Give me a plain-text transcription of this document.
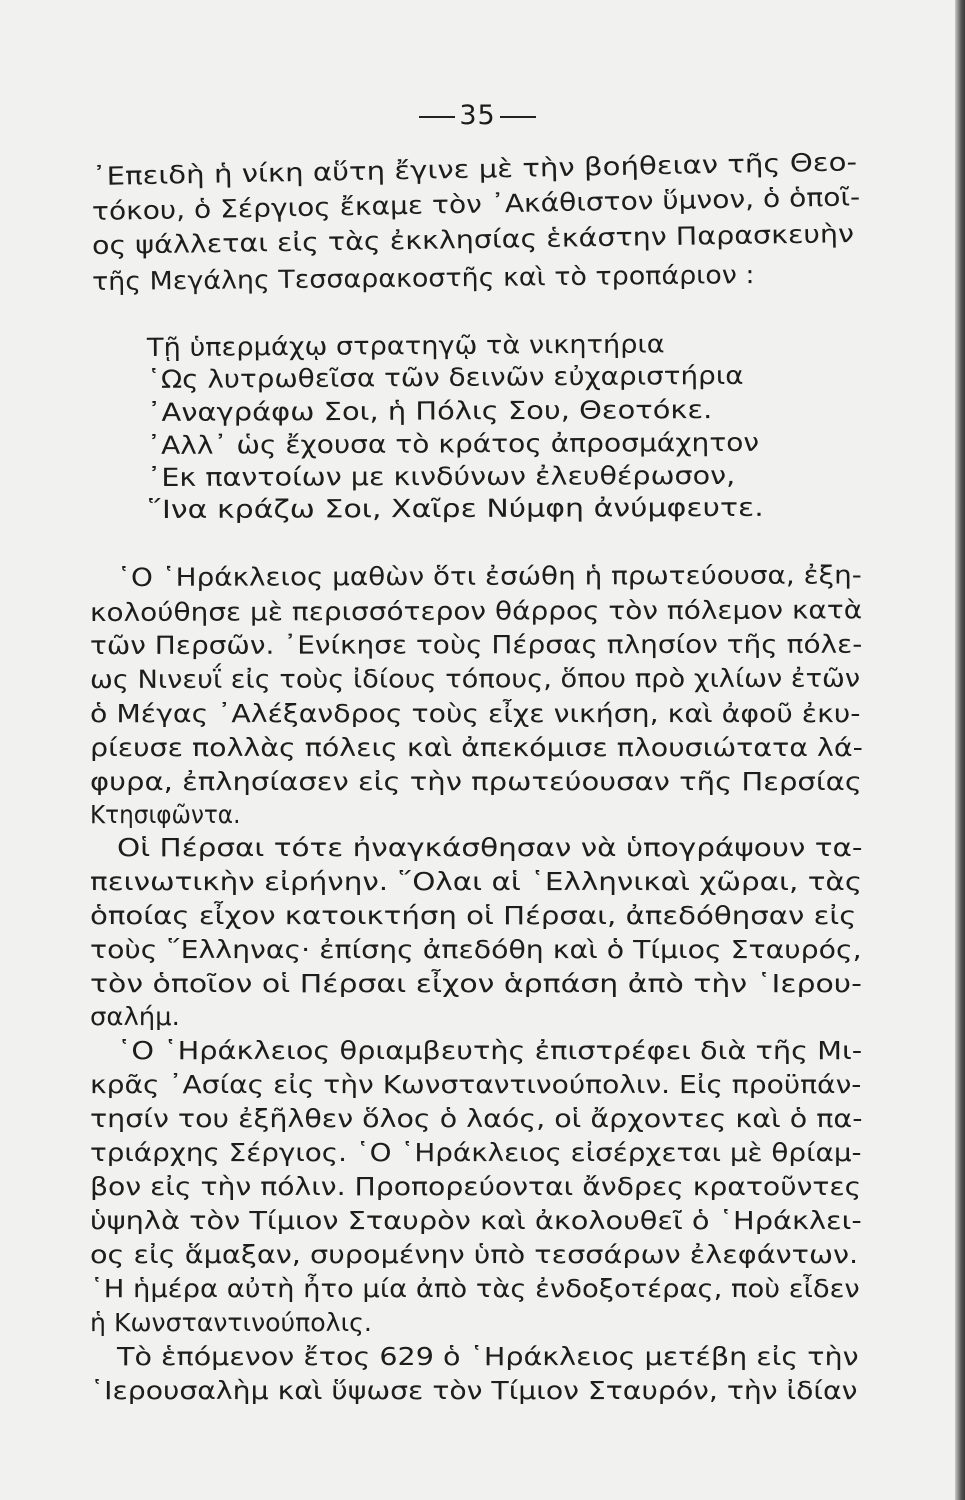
35
᾿Επειδὴ ἡ νίκη αὕτη ἔγινε μὲ τὴν βοήθειαν τῆς Θεο-
τόκου, ὁ Σέργιος ἔκαμε τὸν ᾿Ακάθιστον ὕμνον, ὁ ὁποῖ-
ος ψάλλεται εἰς τὰς ἐκκλησίας ἑκάστην Παρασκευὴν
τῆς Μεγάλης Τεσσαρακοστῆς καὶ τὸ τροπάριον :
Τῇ ὑπερμάχῳ στρατηγῷ τὰ νικητήρια
῾Ως λυτρωθεῖσα τῶν δεινῶν εὐχαριστήρια
᾿Αναγράφω Σοι, ἡ Πόλις Σου, Θεοτόκε.
᾿Αλλ᾿ ὡς ἔχουσα τὸ κράτος ἀπροσμάχητον
᾿Εκ παντοίων με κινδύνων ἐλευθέρωσον,
῞Ινα κράζω Σοι, Χαῖρε Νύμφη ἀνύμφευτε.
῾Ο ῾Ηράκλειος μαθὼν ὅτι ἐσώθη ἡ πρωτεύουσα, ἐξη-
κολούθησε μὲ περισσότερον θάρρος τὸν πόλεμον κατὰ
τῶν Περσῶν. ᾿Ενίκησε τοὺς Πέρσας πλησίον τῆς πόλε-
ως Νινευΐ εἰς τοὺς ἰδίους τόπους, ὅπου πρὸ χιλίων ἐτῶν
ὁ Μέγας ᾿Αλέξανδρος τοὺς εἶχε νικήση, καὶ ἀφοῦ ἐκυ-
ρίευσε πολλὰς πόλεις καὶ ἀπεκόμισε πλουσιώτατα λά-
φυρα, ἐπλησίασεν εἰς τὴν πρωτεύουσαν τῆς Περσίας
Κτησιφῶντα.
Οἱ Πέρσαι τότε ἠναγκάσθησαν νὰ ὑπογράψουν τα-
πεινωτικὴν εἰρήνην. ῞Ολαι αἱ ῾Ελληνικαὶ χῶραι, τὰς
ὁποίας εἶχον κατοικτήση οἱ Πέρσαι, ἀπεδόθησαν εἰς
τοὺς ῞Ελληνας· ἐπίσης ἀπεδόθη καὶ ὁ Τίμιος Σταυρός,
τὸν ὁποῖον οἱ Πέρσαι εἶχον ἁρπάση ἀπὸ τὴν ῾Ιερου-
σαλήμ.
῾Ο ῾Ηράκλειος θριαμβευτὴς ἐπιστρέφει διὰ τῆς Μι-
κρᾶς ᾿Ασίας εἰς τὴν Κωνσταντινούπολιν. Εἰς προϋπάν-
τησίν του ἐξῆλθεν ὅλος ὁ λαός, οἱ ἄρχοντες καὶ ὁ πα-
τριάρχης Σέργιος. ῾Ο ῾Ηράκλειος εἰσέρχεται μὲ θρίαμ-
βον εἰς τὴν πόλιν. Προπορεύονται ἄνδρες κρατοῦντες
ὑψηλὰ τὸν Τίμιον Σταυρὸν καὶ ἀκολουθεῖ ὁ ῾Ηράκλει-
ος εἰς ἅμαξαν, συρομένην ὑπὸ τεσσάρων ἐλεφάντων.
῾Η ἡμέρα αὐτὴ ἦτο μία ἀπὸ τὰς ἐνδοξοτέρας, ποὺ εἶδεν
ἡ Κωνσταντινούπολις.
Τὸ ἑπόμενον ἔτος 629 ὁ ῾Ηράκλειος μετέβη εἰς τὴν
῾Ιερουσαλὴμ καὶ ὕψωσε τὸν Τίμιον Σταυρόν, τὴν ἰδίαν
